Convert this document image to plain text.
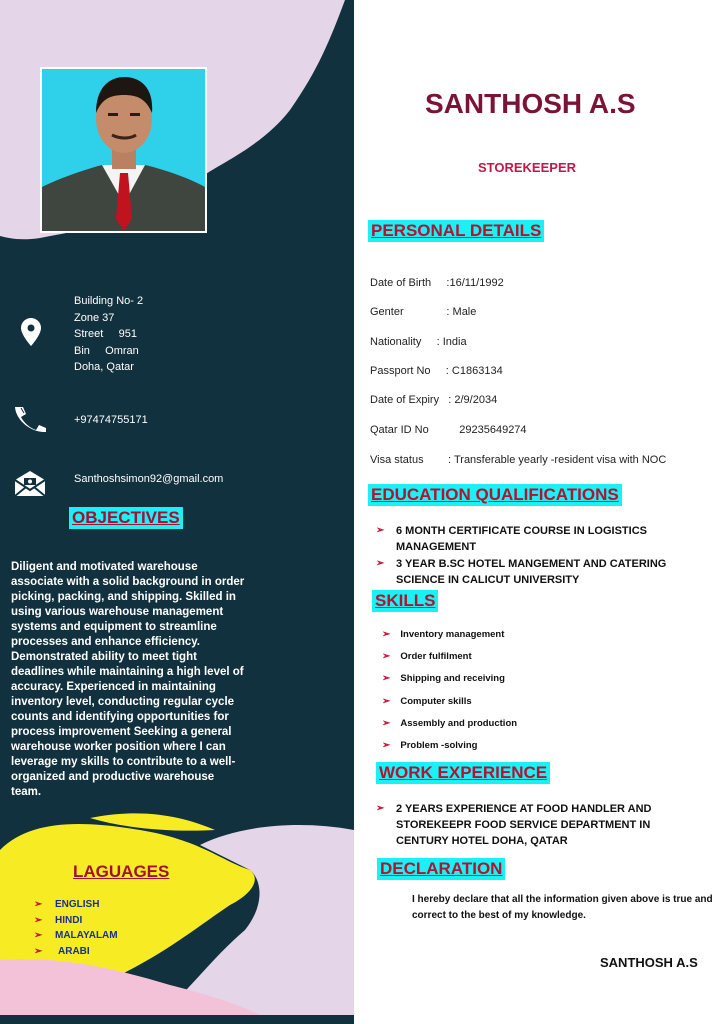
Building No- 2
Zone 37
Street     951
Bin     Omran
Doha, Qatar
+97474755171
Santhoshsimon92@gmail.com
OBJECTIVES
Diligent and motivated warehouse associate with a solid background in order picking, packing, and shipping. Skilled in using various warehouse management systems and equipment to streamline processes and enhance efficiency. Demonstrated ability to meet tight deadlines while maintaining a high level of accuracy. Experienced in maintaining inventory level, conducting regular cycle counts and identifying opportunities for process improvement Seeking a general warehouse worker position where I can leverage my skills to contribute to a well-organized and productive warehouse team.
LAGUAGES
➢ ENGLISH
➢ HINDI
➢ MALAYALAM
➢ ARABI
SANTHOSH A.S
STOREKEEPER
PERSONAL DETAILS
Date of Birth     :16/11/1992
Genter              : Male
Nationality     : India
Passport No     : C1863134
Date of Expiry   : 2/9/2034
Qatar ID No          29235649274
Visa status        : Transferable yearly -resident visa with NOC
EDUCATION QUALIFICATIONS
➢	6 MONTH CERTIFICATE COURSE IN LOGISTICS MANAGEMENT
➢	3 YEAR B.SC HOTEL MANGEMENT AND CATERING SCIENCE IN CALICUT UNIVERSITY
SKILLS
➢ Inventory management
➢ Order fulfilment
➢ Shipping and receiving
➢ Computer skills
➢ Assembly and production
➢ Problem -solving
WORK EXPERIENCE
➢	2 YEARS EXPERIENCE AT FOOD HANDLER AND STOREKEEPR FOOD SERVICE DEPARTMENT IN CENTURY HOTEL DOHA, QATAR
DECLARATION
I hereby declare that all the information given above is true and correct to the best of my knowledge.
SANTHOSH A.S
